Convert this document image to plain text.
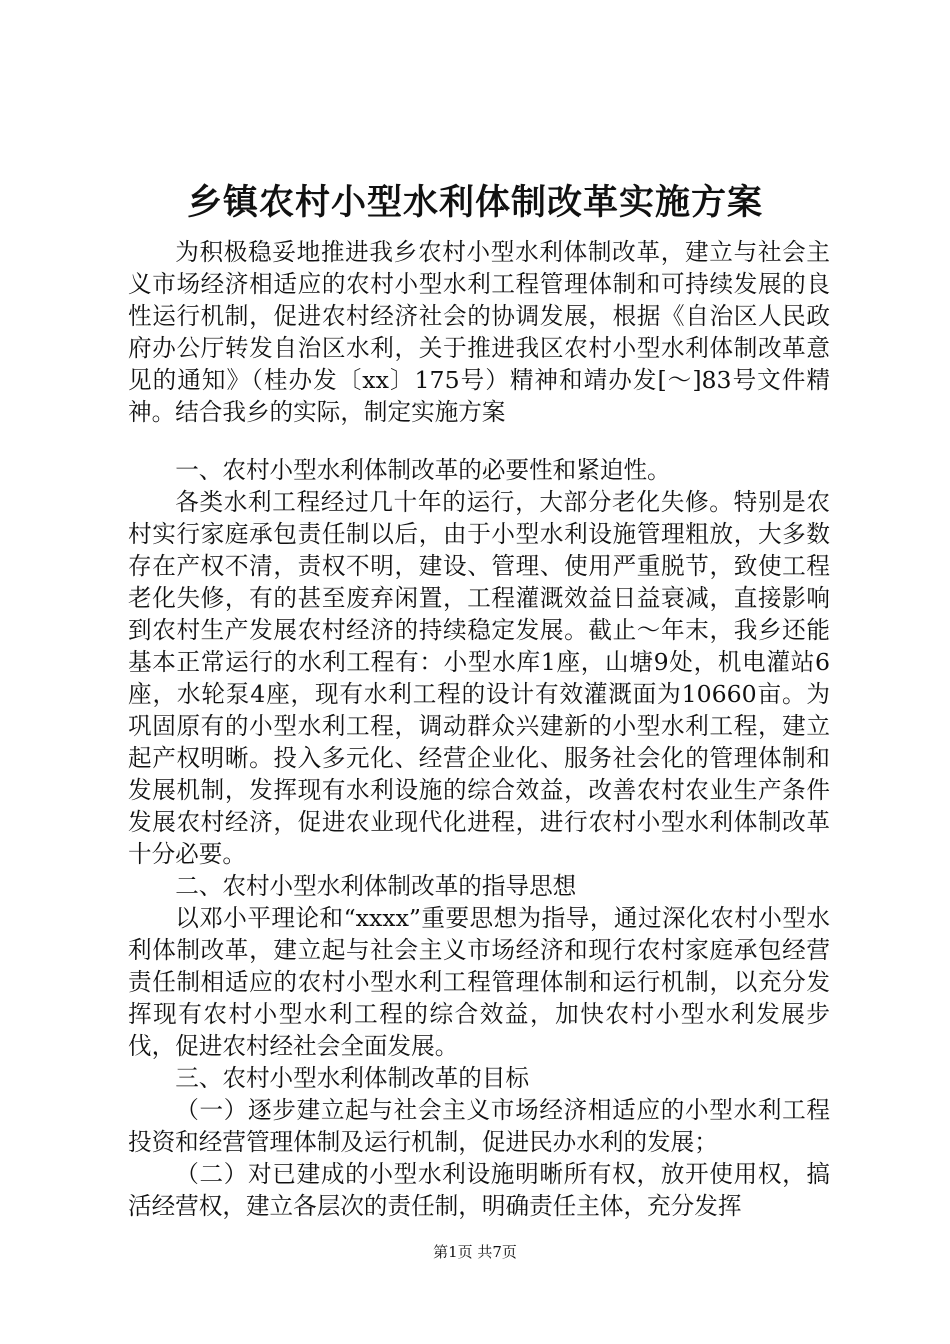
乡镇农村小型水利体制改革实施方案

为积极稳妥地推进我乡农村小型水利体制改革，建立与社会主义市场经济相适应的农村小型水利工程管理体制和可持续发展的良性运行机制，促进农村经济社会的协调发展，根据《自治区人民政府办公厅转发自治区水利，关于推进我区农村小型水利体制改革意见的通知》（桂办发〔xx〕175号）精神和靖办发[～]83号文件精神。结合我乡的实际，制定实施方案

一、农村小型水利体制改革的必要性和紧迫性。

各类水利工程经过几十年的运行，大部分老化失修。特别是农村实行家庭承包责任制以后，由于小型水利设施管理粗放，大多数存在产权不清，责权不明，建设、管理、使用严重脱节，致使工程老化失修，有的甚至废弃闲置，工程灌溉效益日益衰减，直接影响到农村生产发展农村经济的持续稳定发展。截止～年末，我乡还能基本正常运行的水利工程有：小型水库1座，山塘9处，机电灌站6座，水轮泵4座，现有水利工程的设计有效灌溉面为10660亩。为巩固原有的小型水利工程，调动群众兴建新的小型水利工程，建立起产权明晰。投入多元化、经营企业化、服务社会化的管理体制和发展机制，发挥现有水利设施的综合效益，改善农村农业生产条件发展农村经济，促进农业现代化进程，进行农村小型水利体制改革十分必要。

二、农村小型水利体制改革的指导思想

以邓小平理论和“xxxx”重要思想为指导，通过深化农村小型水利体制改革，建立起与社会主义市场经济和现行农村家庭承包经营责任制相适应的农村小型水利工程管理体制和运行机制，以充分发挥现有农村小型水利工程的综合效益，加快农村小型水利发展步伐，促进农村经社会全面发展。

三、农村小型水利体制改革的目标

（一）逐步建立起与社会主义市场经济相适应的小型水利工程投资和经营管理体制及运行机制，促进民办水利的发展；

（二）对已建成的小型水利设施明晰所有权，放开使用权，搞活经营权，建立各层次的责任制，明确责任主体，充分发挥

第1页 共7页
